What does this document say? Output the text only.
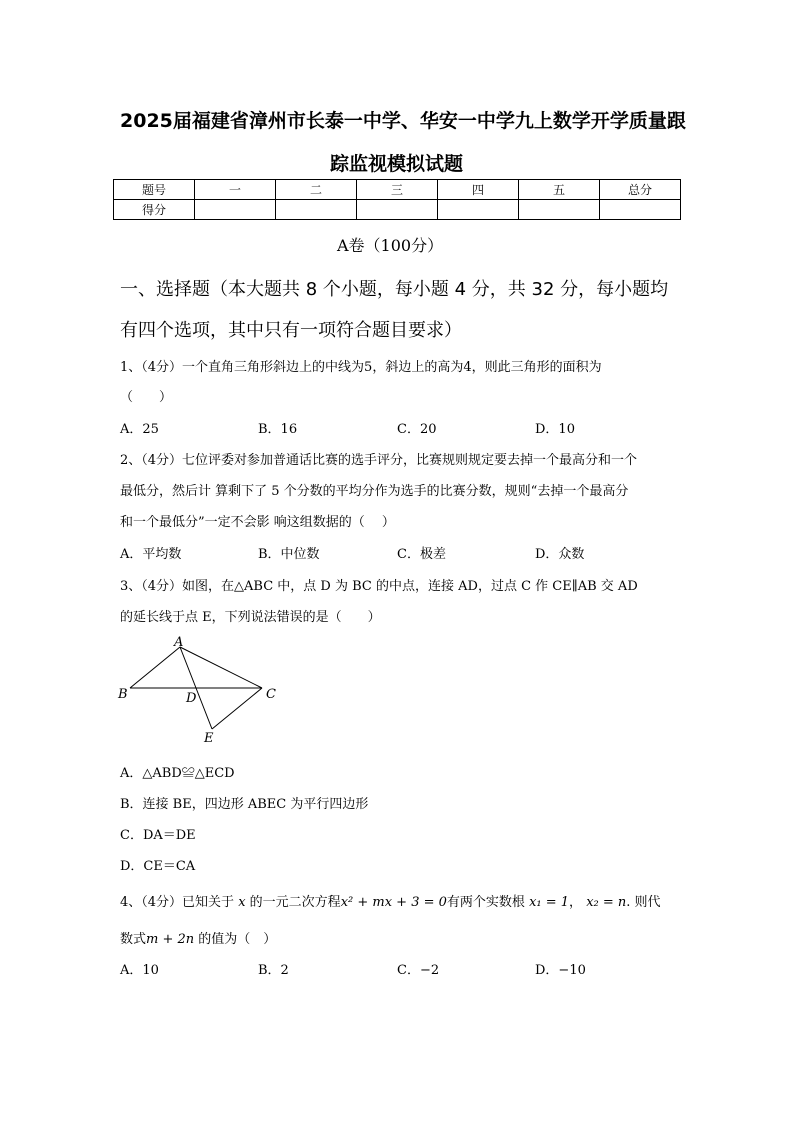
2025届福建省漳州市长泰一中学、华安一中学九上数学开学质量跟
踪监视模拟试题
题号	一	二	三	四	五	总分
得分						
A卷（100分）
一、选择题（本大题共 8 个小题，每小题 4 分，共 32 分，每小题均
有四个选项，其中只有一项符合题目要求）
1、（4分）一个直角三角形斜边上的中线为5，斜边上的高为4，则此三角形的面积为
（　　）
A．25	B．16	C．20	D．10
2、（4分）七位评委对参加普通话比赛的选手评分，比赛规则规定要去掉一个最高分和一个
最低分，然后计 算剩下了 5 个分数的平均分作为选手的比赛分数，规则“去掉一个最高分
和一个最低分”一定不会影 响这组数据的（　 ）
A．平均数	B．中位数	C．极差	D．众数
3、（4分）如图，在△ABC 中，点 D 为 BC 的中点，连接 AD，过点 C 作 CE∥AB 交 AD
的延长线于点 E，下列说法错误的是（　　）
A
B	C
D
E
A．△ABD≌△ECD
B．连接 BE，四边形 ABEC 为平行四边形
C．DA＝DE
D．CE＝CA
4、（4分）已知关于 x 的一元二次方程x² + mx + 3 = 0有两个实数根 x₁ = 1， x₂ = n. 则代
数式m + 2n 的值为（　）
A．10	B．2	C．−2	D．−10
